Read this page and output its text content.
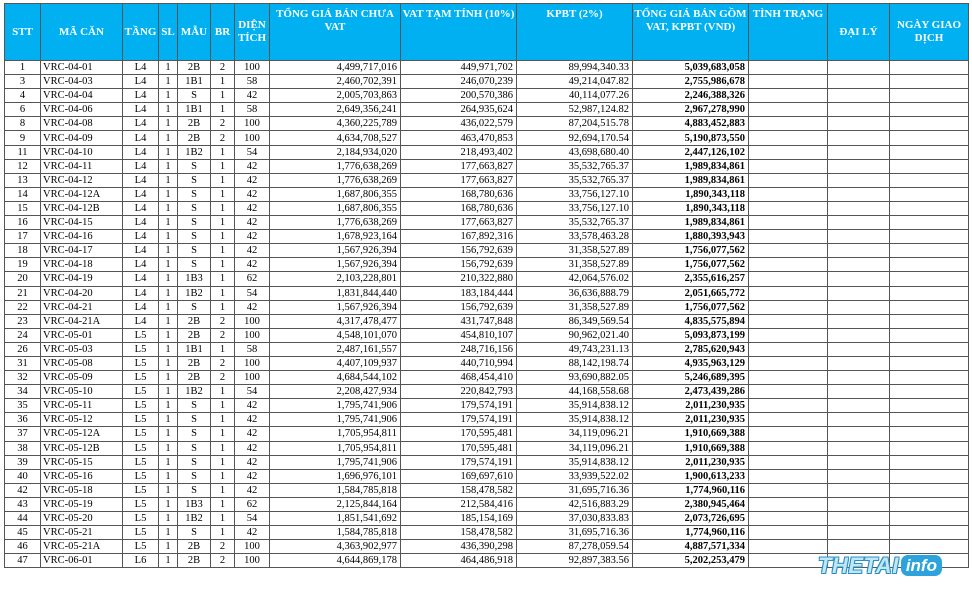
STT	MÃ CĂN	TẦNG	SL	MẪU	BR	DIỆN TÍCH	TỔNG GIÁ BÁN CHƯA VAT	VAT TẠM TÍNH (10%)	KPBT (2%)	TỔNG GIÁ BÁN GỒM VAT, KPBT (VND)	TÌNH TRẠNG	ĐẠI LÝ	NGÀY GIAO DỊCH
1	VRC-04-01	L4	1	2B	2	100	4,499,717,016	449,971,702	89,994,340.33	5,039,683,058			
3	VRC-04-03	L4	1	1B1	1	58	2,460,702,391	246,070,239	49,214,047.82	2,755,986,678			
4	VRC-04-04	L4	1	S	1	42	2,005,703,863	200,570,386	40,114,077.26	2,246,388,326			
6	VRC-04-06	L4	1	1B1	1	58	2,649,356,241	264,935,624	52,987,124.82	2,967,278,990			
8	VRC-04-08	L4	1	2B	2	100	4,360,225,789	436,022,579	87,204,515.78	4,883,452,883			
9	VRC-04-09	L4	1	2B	2	100	4,634,708,527	463,470,853	92,694,170.54	5,190,873,550			
11	VRC-04-10	L4	1	1B2	1	54	2,184,934,020	218,493,402	43,698,680.40	2,447,126,102			
12	VRC-04-11	L4	1	S	1	42	1,776,638,269	177,663,827	35,532,765.37	1,989,834,861			
13	VRC-04-12	L4	1	S	1	42	1,776,638,269	177,663,827	35,532,765.37	1,989,834,861			
14	VRC-04-12A	L4	1	S	1	42	1,687,806,355	168,780,636	33,756,127.10	1,890,343,118			
15	VRC-04-12B	L4	1	S	1	42	1,687,806,355	168,780,636	33,756,127.10	1,890,343,118			
16	VRC-04-15	L4	1	S	1	42	1,776,638,269	177,663,827	35,532,765.37	1,989,834,861			
17	VRC-04-16	L4	1	S	1	42	1,678,923,164	167,892,316	33,578,463.28	1,880,393,943			
18	VRC-04-17	L4	1	S	1	42	1,567,926,394	156,792,639	31,358,527.89	1,756,077,562			
19	VRC-04-18	L4	1	S	1	42	1,567,926,394	156,792,639	31,358,527.89	1,756,077,562			
20	VRC-04-19	L4	1	1B3	1	62	2,103,228,801	210,322,880	42,064,576.02	2,355,616,257			
21	VRC-04-20	L4	1	1B2	1	54	1,831,844,440	183,184,444	36,636,888.79	2,051,665,772			
22	VRC-04-21	L4	1	S	1	42	1,567,926,394	156,792,639	31,358,527.89	1,756,077,562			
23	VRC-04-21A	L4	1	2B	2	100	4,317,478,477	431,747,848	86,349,569.54	4,835,575,894			
24	VRC-05-01	L5	1	2B	2	100	4,548,101,070	454,810,107	90,962,021.40	5,093,873,199			
26	VRC-05-03	L5	1	1B1	1	58	2,487,161,557	248,716,156	49,743,231.13	2,785,620,943			
31	VRC-05-08	L5	1	2B	2	100	4,407,109,937	440,710,994	88,142,198.74	4,935,963,129			
32	VRC-05-09	L5	1	2B	2	100	4,684,544,102	468,454,410	93,690,882.05	5,246,689,395			
34	VRC-05-10	L5	1	1B2	1	54	2,208,427,934	220,842,793	44,168,558.68	2,473,439,286			
35	VRC-05-11	L5	1	S	1	42	1,795,741,906	179,574,191	35,914,838.12	2,011,230,935			
36	VRC-05-12	L5	1	S	1	42	1,795,741,906	179,574,191	35,914,838.12	2,011,230,935			
37	VRC-05-12A	L5	1	S	1	42	1,705,954,811	170,595,481	34,119,096.21	1,910,669,388			
38	VRC-05-12B	L5	1	S	1	42	1,705,954,811	170,595,481	34,119,096.21	1,910,669,388			
39	VRC-05-15	L5	1	S	1	42	1,795,741,906	179,574,191	35,914,838.12	2,011,230,935			
40	VRC-05-16	L5	1	S	1	42	1,696,976,101	169,697,610	33,939,522.02	1,900,613,233			
42	VRC-05-18	L5	1	S	1	42	1,584,785,818	158,478,582	31,695,716.36	1,774,960,116			
43	VRC-05-19	L5	1	1B3	1	62	2,125,844,164	212,584,416	42,516,883.29	2,380,945,464			
44	VRC-05-20	L5	1	1B2	1	54	1,851,541,692	185,154,169	37,030,833.83	2,073,726,695			
45	VRC-05-21	L5	1	S	1	42	1,584,785,818	158,478,582	31,695,716.36	1,774,960,116			
46	VRC-05-21A	L5	1	2B	2	100	4,363,902,977	436,390,298	87,278,059.54	4,887,571,334			
47	VRC-06-01	L6	1	2B	2	100	4,644,869,178	464,486,918	92,897,383.56	5,202,253,479				THETAI info
